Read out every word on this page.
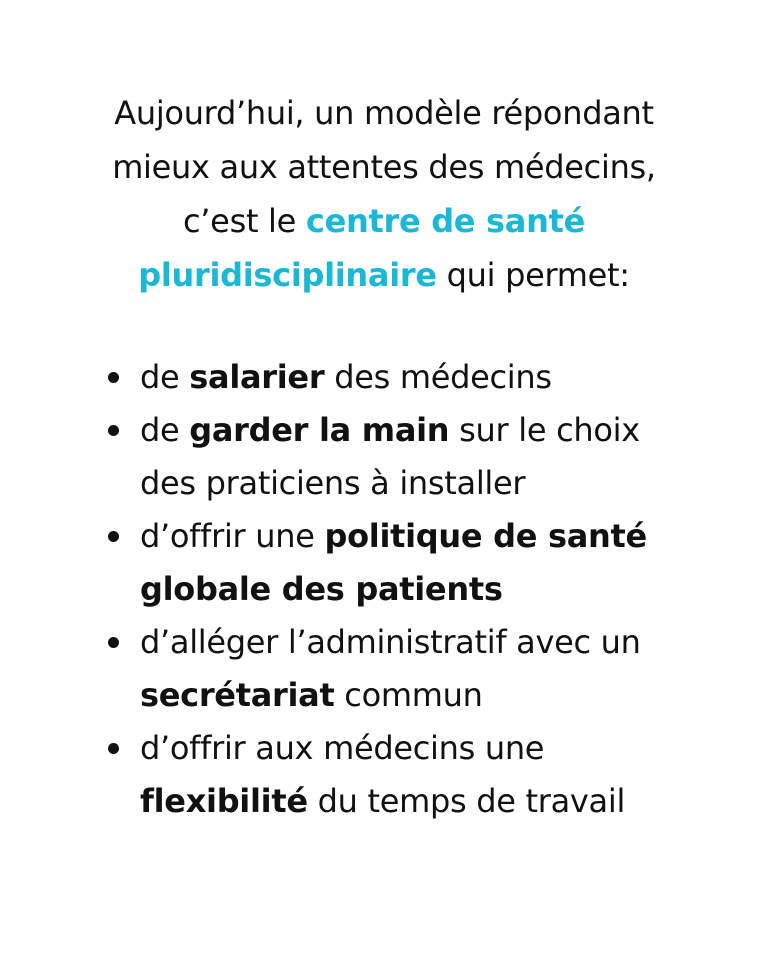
Aujourd’hui, un modèle répondant
mieux aux attentes des médecins,
c’est le centre de santé
pluridisciplinaire qui permet:
de salarier des médecins
de garder la main sur le choix des praticiens à installer
d’offrir une politique de santé globale des patients
d’alléger l’administratif avec un secrétariat commun
d’offrir aux médecins une flexibilité du temps de travail
